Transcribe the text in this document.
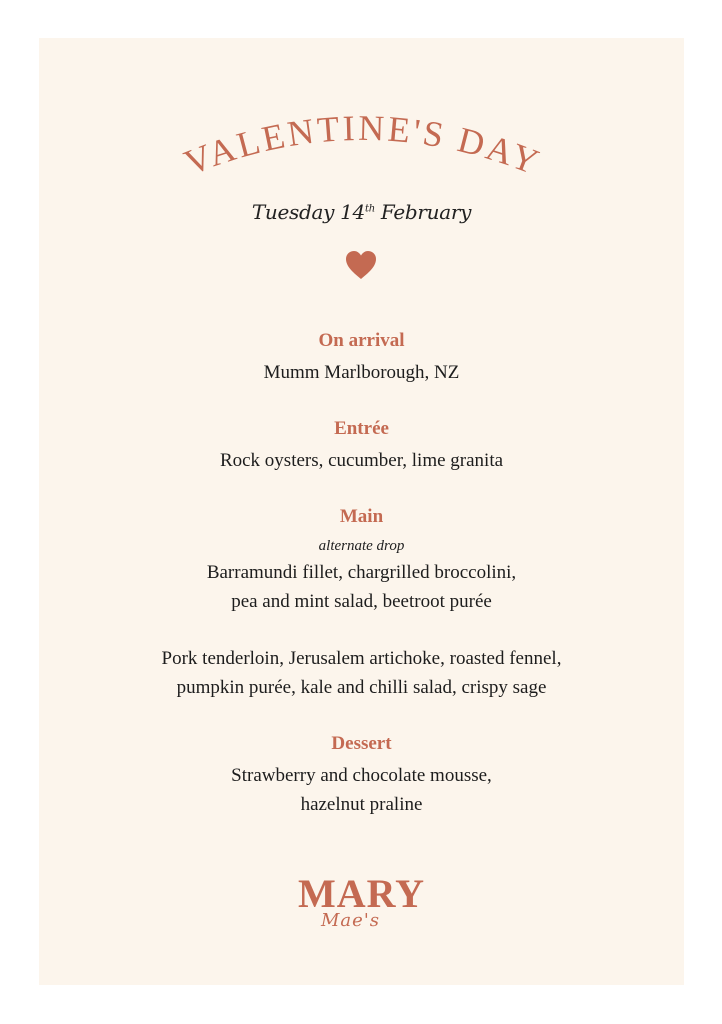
VALENTINE'S DAY
Tuesday 14th February
On arrival
Mumm Marlborough, NZ
Entrée
Rock oysters, cucumber, lime granita
Main
alternate drop
Barramundi fillet, chargrilled broccolini,
pea and mint salad, beetroot purée
Pork tenderloin, Jerusalem artichoke, roasted fennel,
pumpkin purée, kale and chilli salad, crispy sage
Dessert
Strawberry and chocolate mousse,
hazelnut praline
MARY
Mae's
